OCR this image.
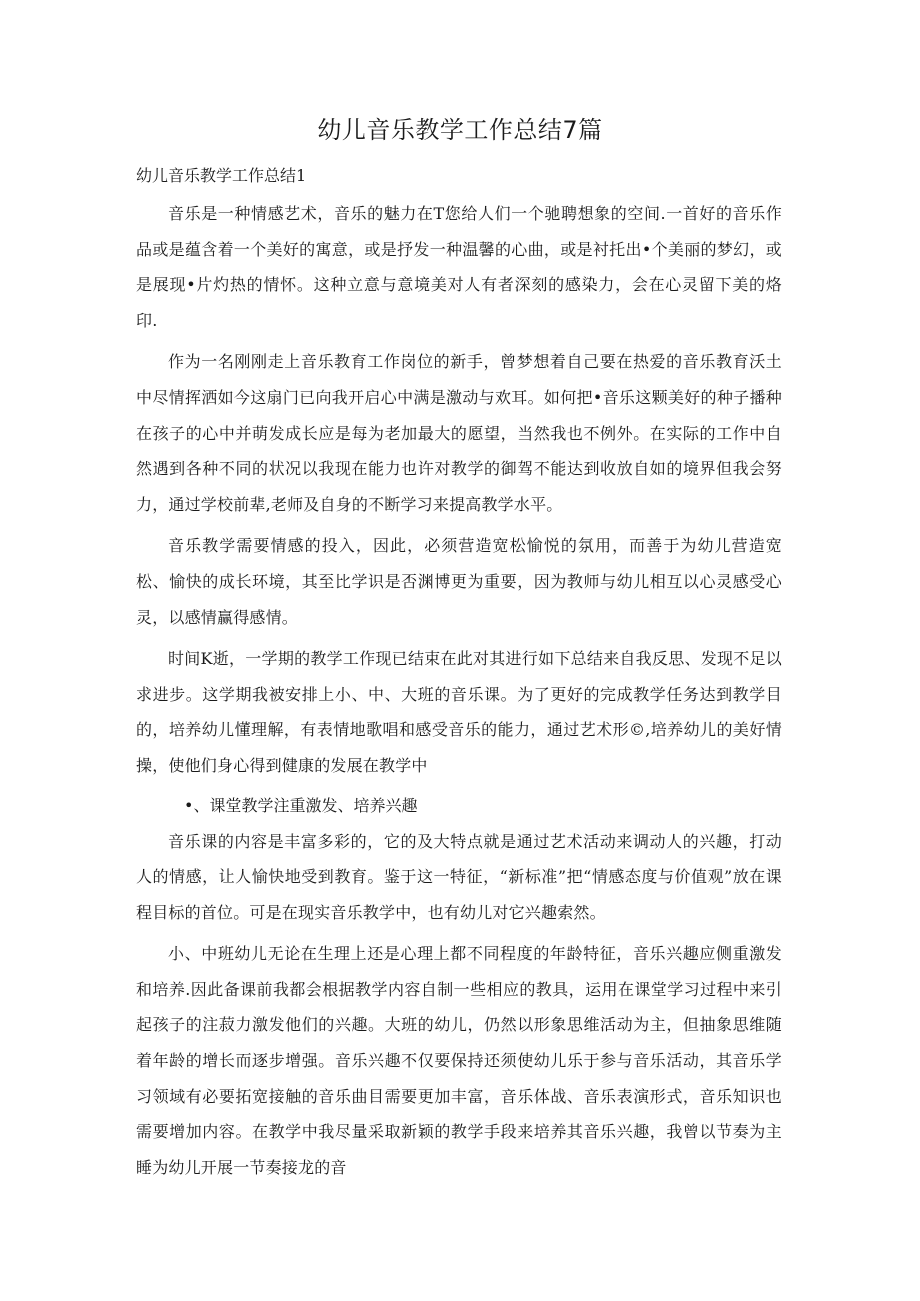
幼儿音乐教学工作总结7篇

幼儿音乐教学工作总结1

音乐是一种情感艺术，音乐的魅力在T您给人们一个驰聘想象的空间.一首好的音乐作品或是蕴含着一个美好的寓意，或是抒发一种温馨的心曲，或是衬托出•个美丽的梦幻，或是展现•片灼热的情怀。这种立意与意境美对人有者深刻的感染力，会在心灵留下美的烙印.

作为一名刚刚走上音乐教育工作岗位的新手，曾梦想着自己要在热爱的音乐教育沃土中尽情挥洒如今这扇门已向我开启心中满是激动与欢耳。如何把•音乐这颗美好的种子播种在孩子的心中并萌发成长应是每为老加最大的愿望，当然我也不例外。在实际的工作中自然遇到各种不同的状况以我现在能力也许对教学的御驾不能达到收放自如的境界但我会努力，通过学校前辈,老师及自身的不断学习来提高教学水平。

音乐教学需要情感的投入，因此，必须营造宽松愉悦的氛用，而善于为幼儿营造宽松、愉快的成长环境，其至比学识是否渊博更为重要，因为教师与幼儿相互以心灵感受心灵，以感情赢得感情。

时间K逝，一学期的教学工作现已结束在此对其进行如下总结来自我反思、发现不足以求进步。这学期我被安排上小、中、大班的音乐课。为了更好的完成教学任务达到教学目的，培养幼儿懂理解，有表情地歌唱和感受音乐的能力，通过艺术形©,培养幼儿的美好情操，使他们身心得到健康的发展在教学中

•、课堂教学注重激发、培养兴趣

音乐课的内容是丰富多彩的，它的及大特点就是通过艺术活动来调动人的兴趣，打动人的情感，让人愉快地受到教育。鉴于这一特征，“新标准”把“情感态度与价值观”放在课程目标的首位。可是在现实音乐教学中，也有幼儿对它兴趣索然。

小、中班幼儿无论在生理上还是心理上都不同程度的年龄特征，音乐兴趣应侧重激发和培养.因此备课前我都会根据教学内容自制一些相应的教具，运用在课堂学习过程中来引起孩子的注菽力激发他们的兴趣。大班的幼儿，仍然以形象思维活动为主，但抽象思维随着年龄的增长而逐步增强。音乐兴趣不仅要保持还须使幼儿乐于参与音乐活动，其音乐学习领域有必要拓宽接触的音乐曲目需要更加丰富，音乐体战、音乐表演形式，音乐知识也需要增加内容。在教学中我尽量采取新颖的教学手段来培养其音乐兴趣，我曾以节奏为主睡为幼儿开展一节奏接龙的音
